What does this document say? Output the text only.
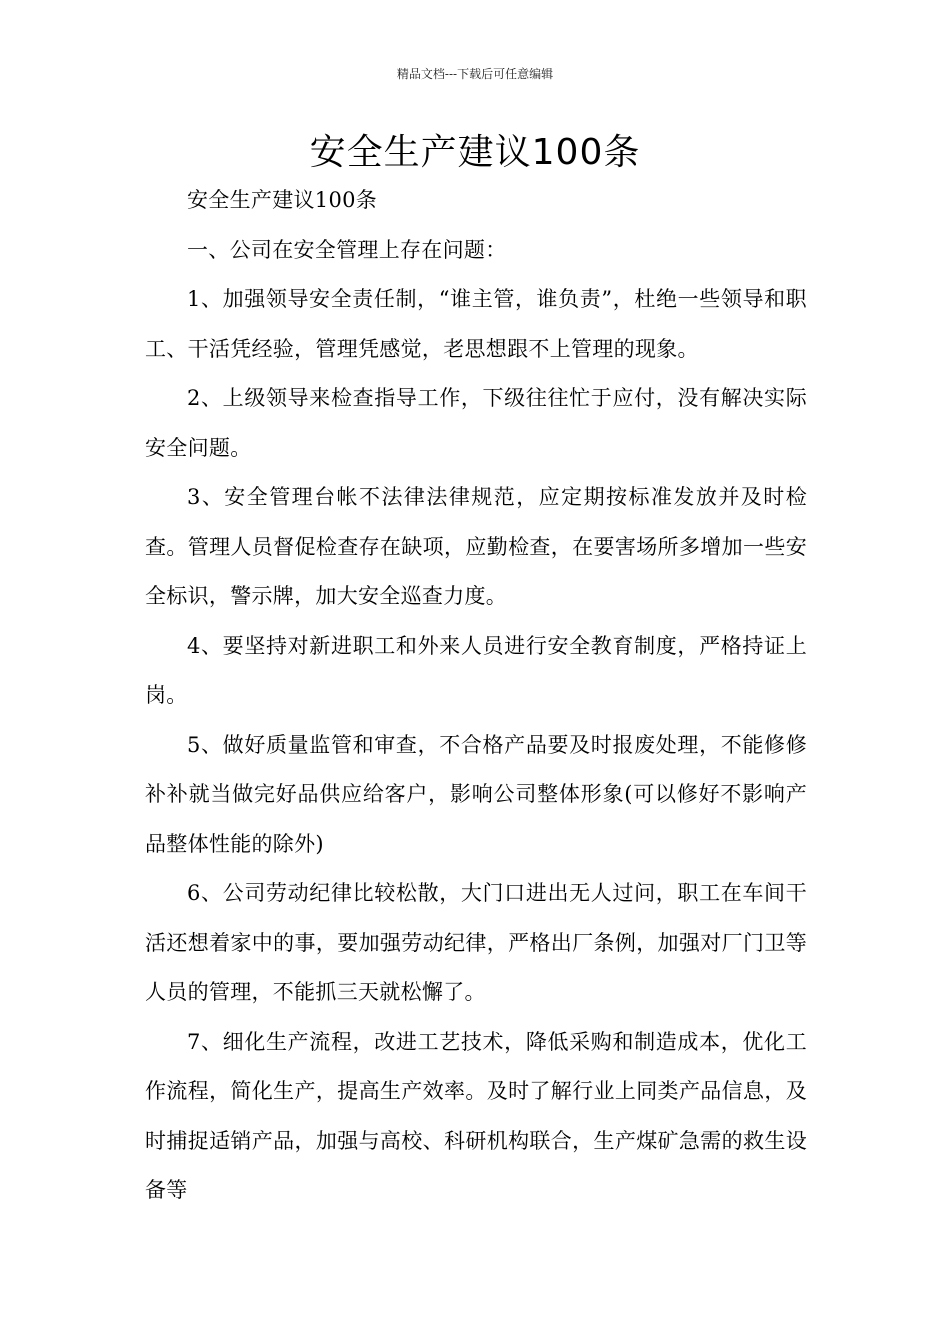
精品文档---下载后可任意编辑
安全生产建议100条

安全生产建议100条

一、公司在安全管理上存在问题：

1、加强领导安全责任制，“谁主管，谁负责”，杜绝一些领导和职工、干活凭经验，管理凭感觉，老思想跟不上管理的现象。

2、上级领导来检查指导工作，下级往往忙于应付，没有解决实际安全问题。

3、安全管理台帐不法律法律规范，应定期按标准发放并及时检查。管理人员督促检查存在缺项，应勤检查，在要害场所多增加一些安全标识，警示牌，加大安全巡查力度。

4、要坚持对新进职工和外来人员进行安全教育制度，严格持证上岗。

5、做好质量监管和审查，不合格产品要及时报废处理，不能修修补补就当做完好品供应给客户，影响公司整体形象(可以修好不影响产品整体性能的除外)

6、公司劳动纪律比较松散，大门口进出无人过问，职工在车间干活还想着家中的事，要加强劳动纪律，严格出厂条例，加强对厂门卫等人员的管理，不能抓三天就松懈了。

7、细化生产流程，改进工艺技术，降低采购和制造成本，优化工作流程，简化生产，提高生产效率。及时了解行业上同类产品信息，及时捕捉适销产品，加强与高校、科研机构联合，生产煤矿急需的救生设备等
